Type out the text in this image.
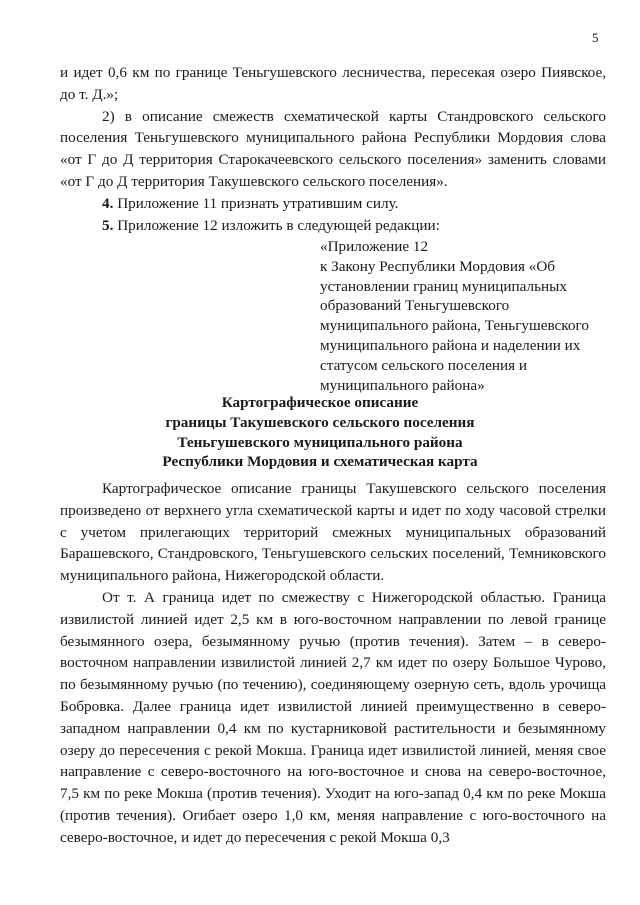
5

и идет 0,6 км по границе Теньгушевского лесничества, пересекая озеро Пиявское, до т. Д.»;

2) в описание смежеств схематической карты Стандровского сельского поселения Теньгушевского муниципального района Республики Мордовия слова «от Г до Д территория Старокачеевского сельского поселения» заменить словами «от Г до Д территория Такушевского сельского поселения».

4. Приложение 11 признать утратившим силу.

5. Приложение 12 изложить в следующей редакции:

«Приложение 12

к Закону Республики Мордовия «Об

установлении границ муниципальных

образований Теньгушевского

муниципального района, Теньгушевского

муниципального района и наделении их

статусом сельского поселения и

муниципального района»

Картографическое описание

границы Такушевского сельского поселения

Теньгушевского муниципального района

Республики Мордовия и схематическая карта

Картографическое описание границы Такушевского сельского поселения произведено от верхнего угла схематической карты и идет по ходу часовой стрелки с учетом прилегающих территорий смежных муниципальных образований Барашевского, Стандровского, Теньгушевского сельских поселений, Темниковского муниципального района, Нижегородской области.

От т. А граница идет по смежеству с Нижегородской областью. Граница извилистой линией идет 2,5 км в юго-восточном направлении по левой границе безымянного озера, безымянному ручью (против течения). Затем – в северо-восточном направлении извилистой линией 2,7 км идет по озеру Большое Чурово, по безымянному ручью (по течению), соединяющему озерную сеть, вдоль урочища Бобровка. Далее граница идет извилистой линией преимущественно в северо-западном направлении 0,4 км по кустарниковой растительности и безымянному озеру до пересечения с рекой Мокша. Граница идет извилистой линией, меняя свое направление с северо-восточного на юго-восточное и снова на северо-восточное, 7,5 км по реке Мокша (против течения). Уходит на юго-запад 0,4 км по реке Мокша (против течения). Огибает озеро 1,0 км, меняя направление с юго-восточного на северо-восточное, и идет до пересечения с рекой Мокша 0,3
